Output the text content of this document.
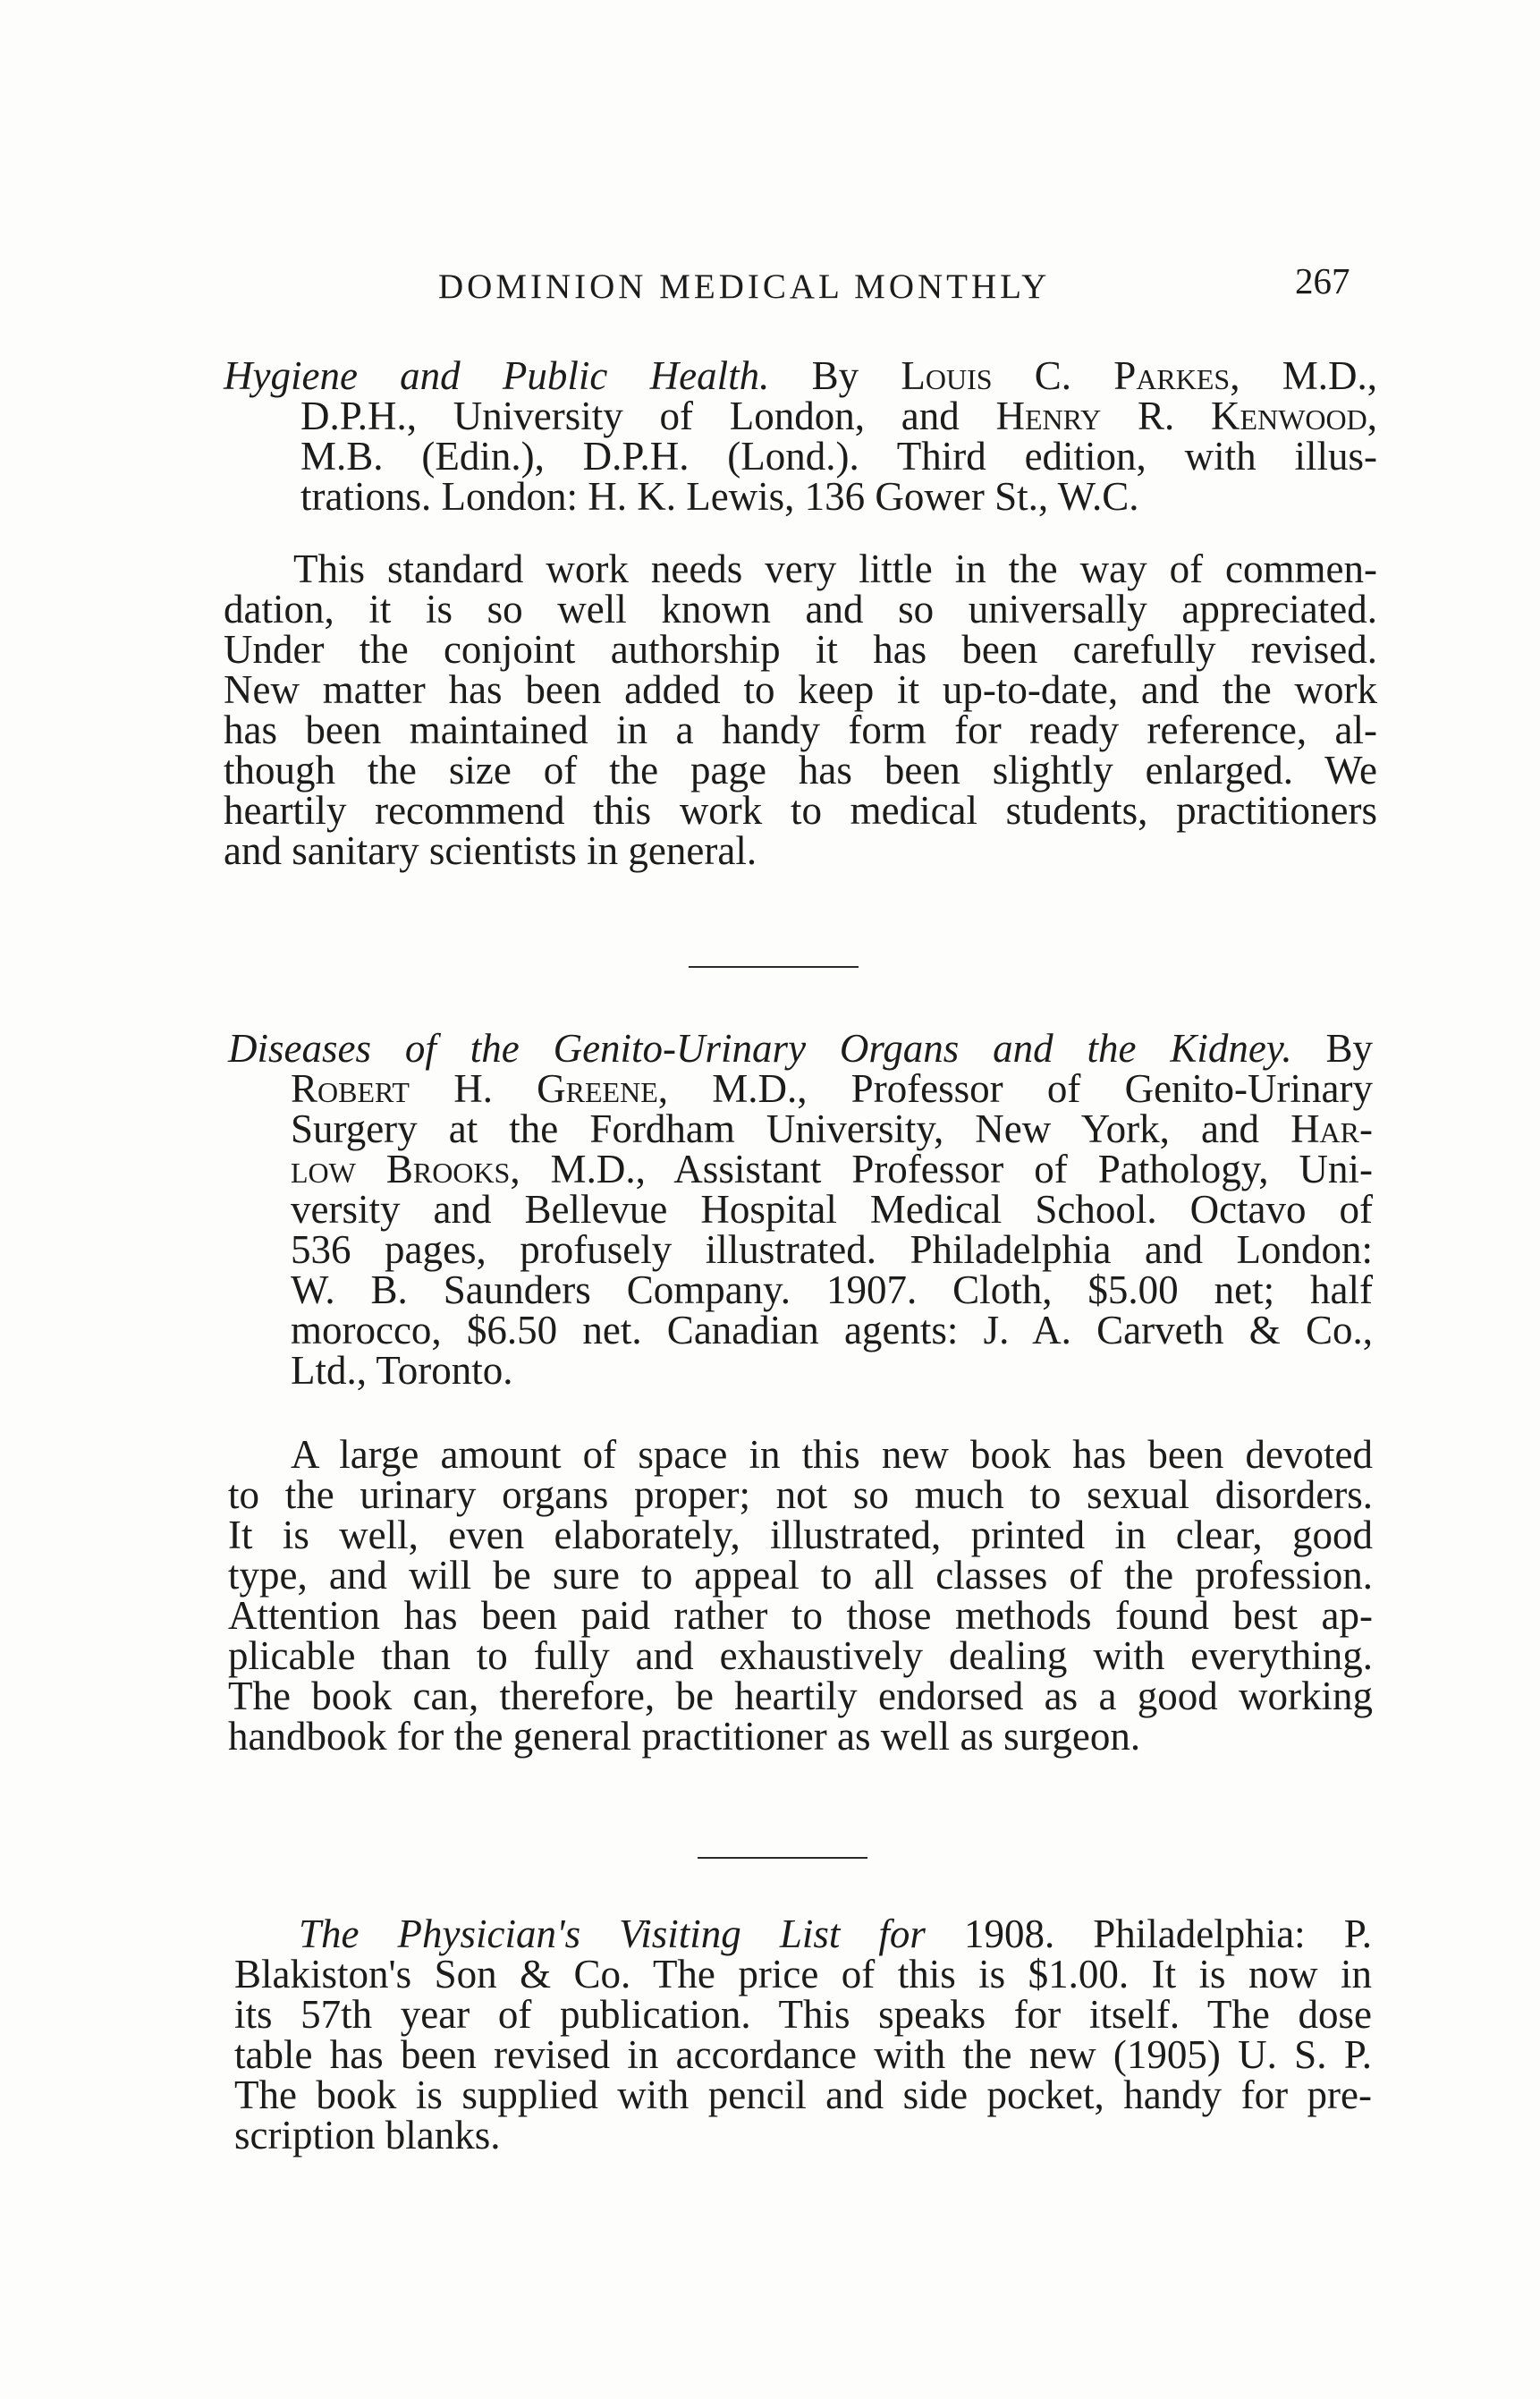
DOMINION MEDICAL MONTHLY	267
Hygiene and Public Health. By Louis C. Parkes, M.D.,
D.P.H., University of London, and Henry R. Kenwood,
M.B. (Edin.), D.P.H. (Lond.). Third edition, with illus-
trations. London: H. K. Lewis, 136 Gower St., W.C.
This standard work needs very little in the way of commen-
dation, it is so well known and so universally appreciated.
Under the conjoint authorship it has been carefully revised.
New matter has been added to keep it up-to-date, and the work
has been maintained in a handy form for ready reference, al-
though the size of the page has been slightly enlarged. We
heartily recommend this work to medical students, practitioners
and sanitary scientists in general.
Diseases of the Genito-Urinary Organs and the Kidney. By
Robert H. Greene, M.D., Professor of Genito-Urinary
Surgery at the Fordham University, New York, and Har-
low Brooks, M.D., Assistant Professor of Pathology, Uni-
versity and Bellevue Hospital Medical School. Octavo of
536 pages, profusely illustrated. Philadelphia and London:
W. B. Saunders Company. 1907. Cloth, $5.00 net; half
morocco, $6.50 net. Canadian agents: J. A. Carveth & Co.,
Ltd., Toronto.
A large amount of space in this new book has been devoted
to the urinary organs proper; not so much to sexual disorders.
It is well, even elaborately, illustrated, printed in clear, good
type, and will be sure to appeal to all classes of the profession.
Attention has been paid rather to those methods found best ap-
plicable than to fully and exhaustively dealing with everything.
The book can, therefore, be heartily endorsed as a good working
handbook for the general practitioner as well as surgeon.
The Physician's Visiting List for 1908. Philadelphia: P.
Blakiston's Son & Co. The price of this is $1.00. It is now in
its 57th year of publication. This speaks for itself. The dose
table has been revised in accordance with the new (1905) U. S. P.
The book is supplied with pencil and side pocket, handy for pre-
scription blanks.
